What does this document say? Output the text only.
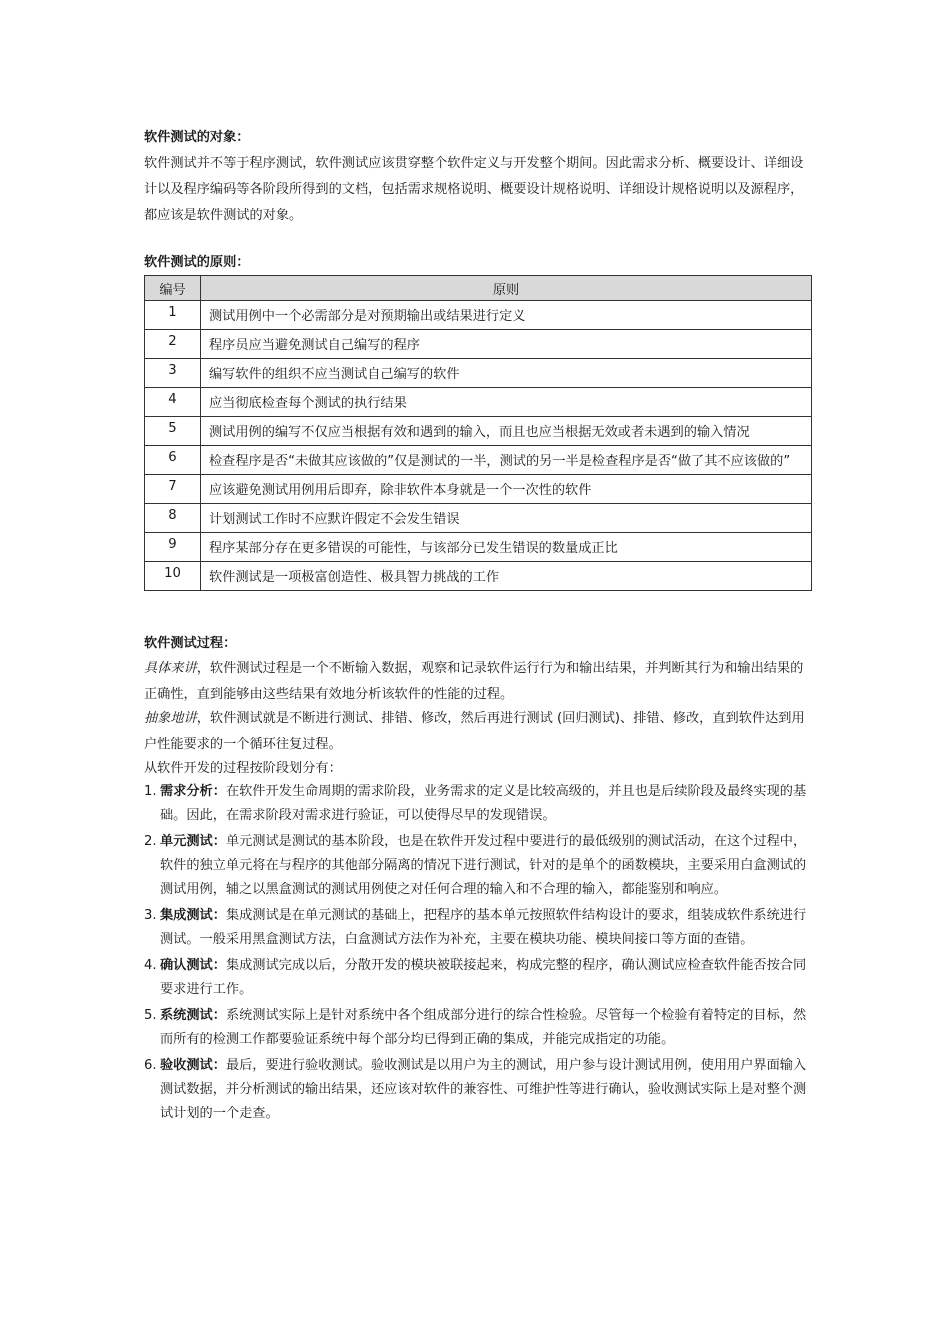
软件测试的对象：
软件测试并不等于程序测试，软件测试应该贯穿整个软件定义与开发整个期间。因此需求分析、概要设计、详细设计以及程序编码等各阶段所得到的文档，包括需求规格说明、概要设计规格说明、详细设计规格说明以及源程序，都应该是软件测试的对象。
软件测试的原则：
编号	原则
1	测试用例中一个必需部分是对预期输出或结果进行定义
2	程序员应当避免测试自己编写的程序
3	编写软件的组织不应当测试自己编写的软件
4	应当彻底检查每个测试的执行结果
5	测试用例的编写不仅应当根据有效和遇到的输入，而且也应当根据无效或者未遇到的输入情况
6	检查程序是否“未做其应该做的”仅是测试的一半，测试的另一半是检查程序是否“做了其不应该做的”
7	应该避免测试用例用后即弃，除非软件本身就是一个一次性的软件
8	计划测试工作时不应默许假定不会发生错误
9	程序某部分存在更多错误的可能性，与该部分已发生错误的数量成正比
10	软件测试是一项极富创造性、极具智力挑战的工作
软件测试过程：
具体来讲，软件测试过程是一个不断输入数据，观察和记录软件运行行为和输出结果，并判断其行为和输出结果的正确性，直到能够由这些结果有效地分析该软件的性能的过程。
抽象地讲，软件测试就是不断进行测试、排错、修改，然后再进行测试 (回归测试)、排错、修改，直到软件达到用户性能要求的一个循环往复过程。
从软件开发的过程按阶段划分有：
1. 需求分析：在软件开发生命周期的需求阶段，业务需求的定义是比较高级的，并且也是后续阶段及最终实现的基础。因此，在需求阶段对需求进行验证，可以使得尽早的发现错误。
2. 单元测试：单元测试是测试的基本阶段，也是在软件开发过程中要进行的最低级别的测试活动，在这个过程中，软件的独立单元将在与程序的其他部分隔离的情况下进行测试，针对的是单个的函数模块，主要采用白盒测试的测试用例，辅之以黑盒测试的测试用例使之对任何合理的输入和不合理的输入，都能鉴别和响应。
3. 集成测试：集成测试是在单元测试的基础上，把程序的基本单元按照软件结构设计的要求，组装成软件系统进行测试。一般采用黑盒测试方法，白盒测试方法作为补充，主要在模块功能、模块间接口等方面的查错。
4. 确认测试：集成测试完成以后，分散开发的模块被联接起来，构成完整的程序，确认测试应检查软件能否按合同要求进行工作。
5. 系统测试：系统测试实际上是针对系统中各个组成部分进行的综合性检验。尽管每一个检验有着特定的目标，然而所有的检测工作都要验证系统中每个部分均已得到正确的集成，并能完成指定的功能。
6. 验收测试：最后，要进行验收测试。验收测试是以用户为主的测试，用户参与设计测试用例，使用用户界面输入测试数据，并分析测试的输出结果，还应该对软件的兼容性、可维护性等进行确认，验收测试实际上是对整个测试计划的一个走查。
